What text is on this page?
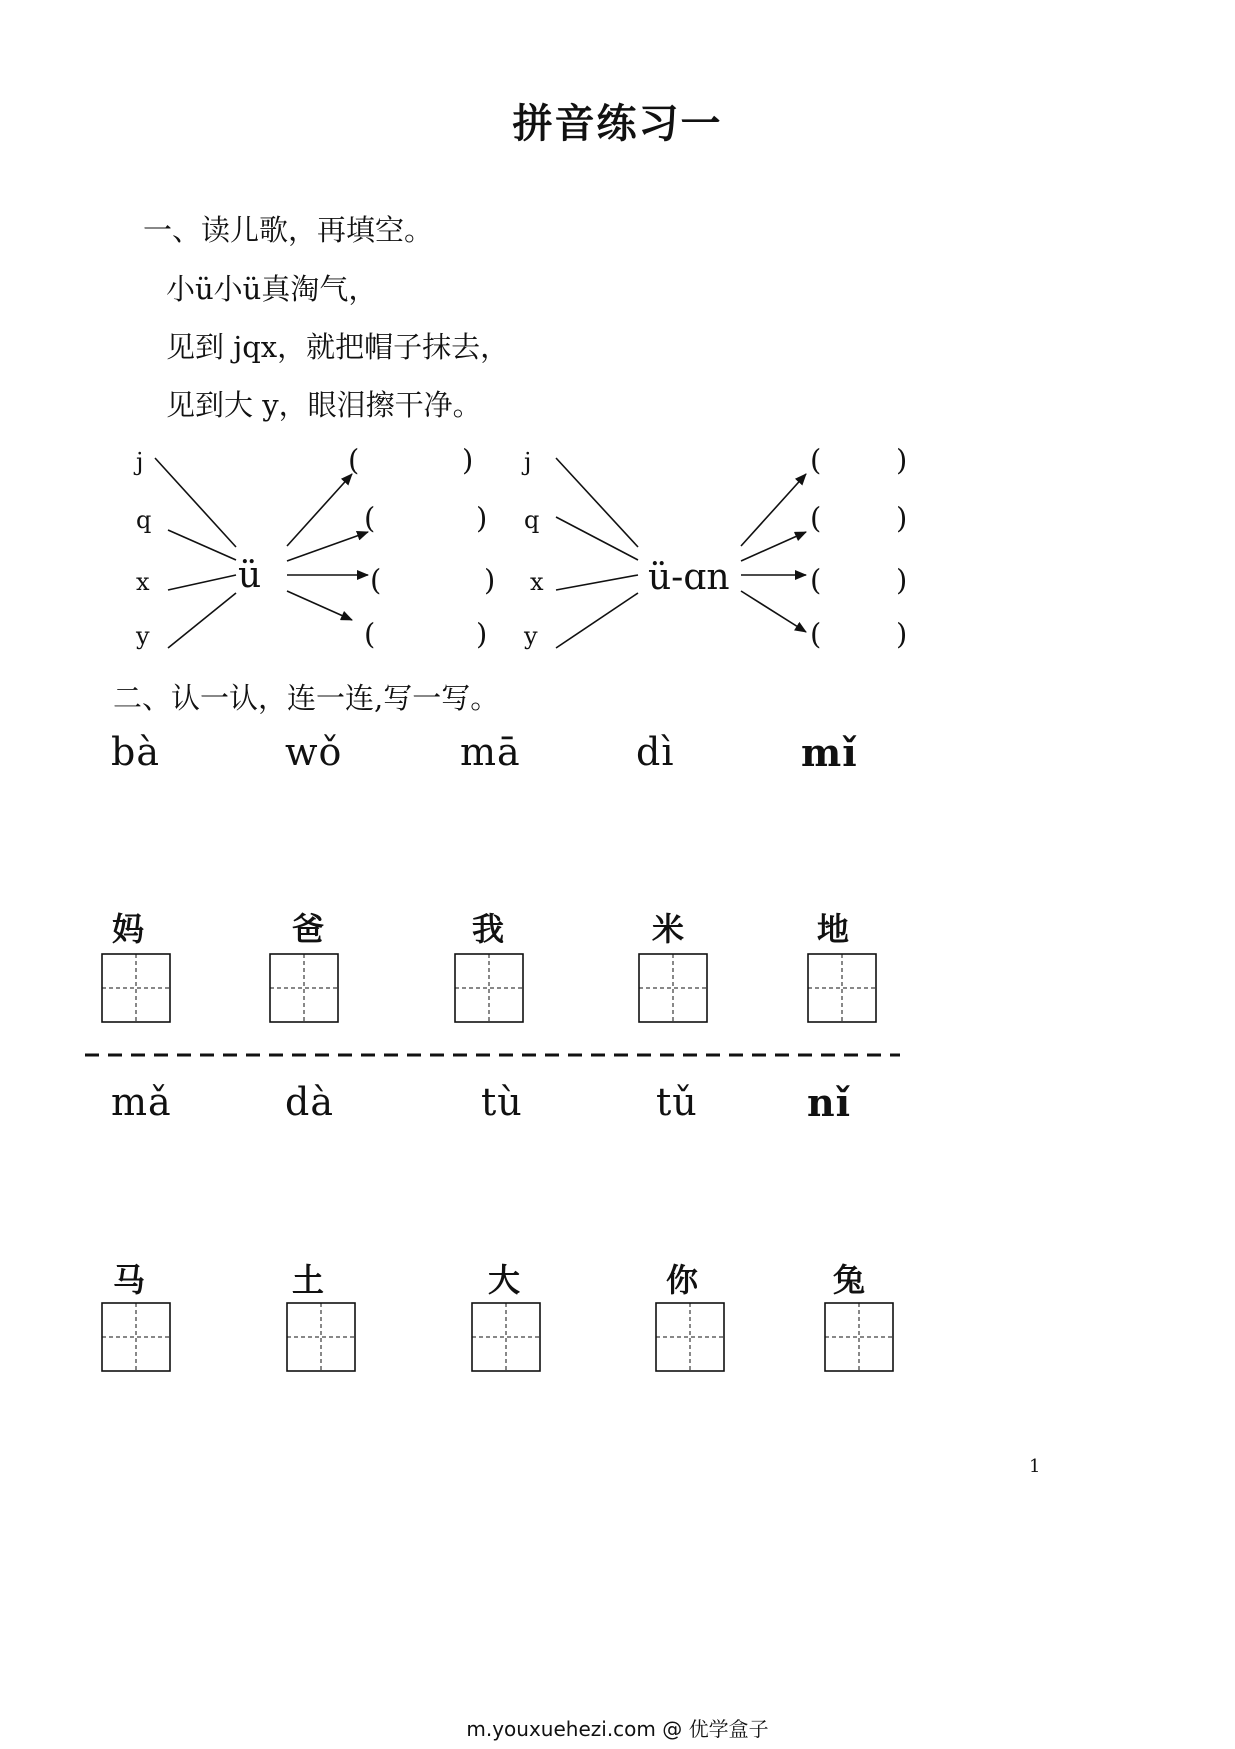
拼音练习一
一、读儿歌，再填空。
小ü小ü真淘气，
见到 jqx，就把帽子抹去，
见到大 y，眼泪擦干净。
j
q
x
y
ü
(	)
(	)
(	)
(	)
j
q
x
y
ü-ɑn
(	)
(	)
(	)
(	)
二、认一认，连一连,写一写。
bà	wǒ	mā	dì	mǐ
妈	爸	我	米	地
mǎ	dà	tù	tǔ	nǐ
马	土	大	你	兔
1
m.youxuehezi.com @ 优学盒子
